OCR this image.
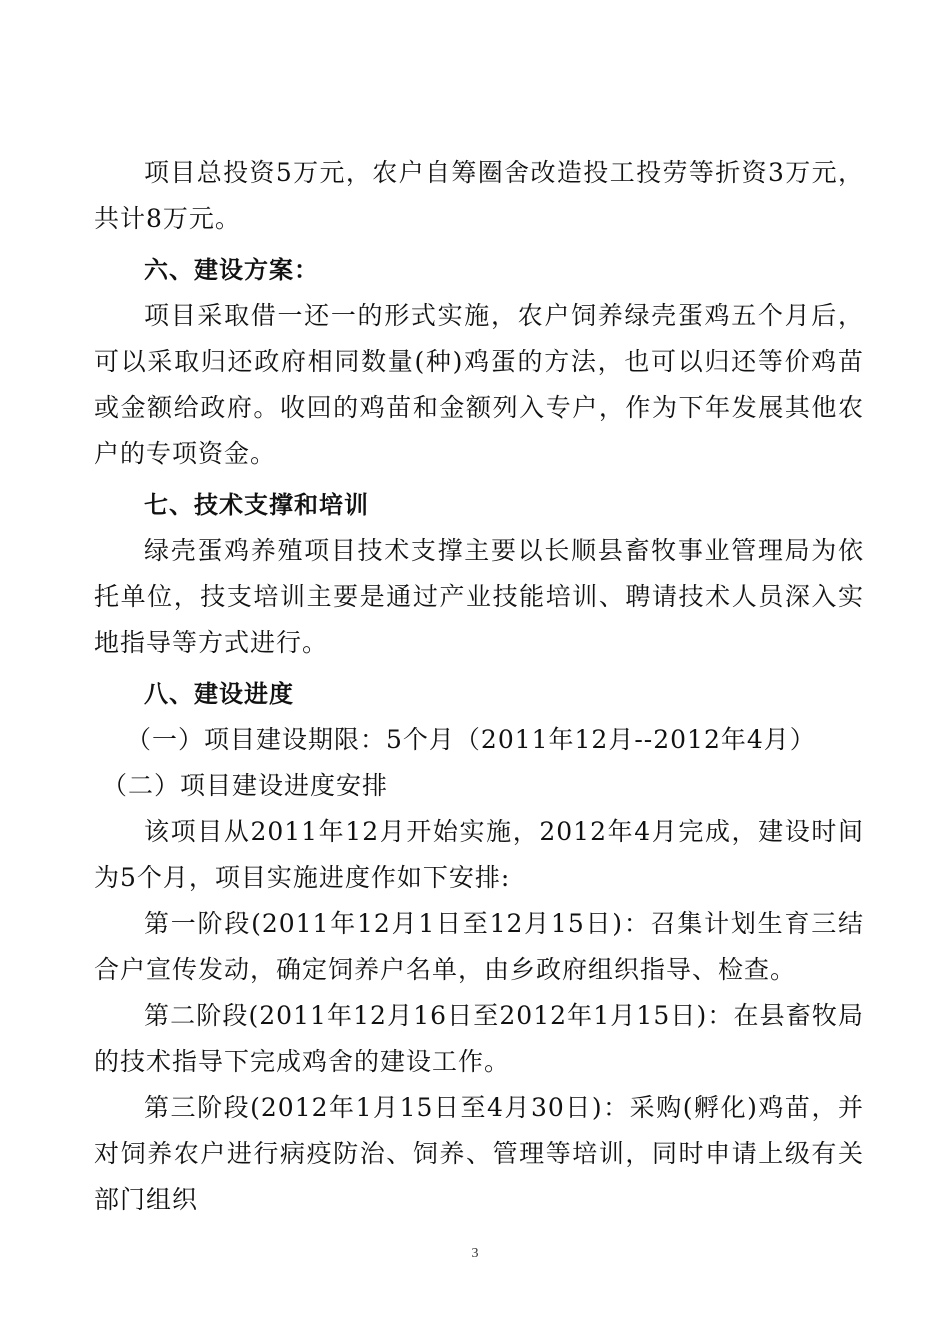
项目总投资5万元，农户自筹圈舍改造投工投劳等折资3万元，共计8万元。

六、建设方案：

项目采取借一还一的形式实施，农户饲养绿壳蛋鸡五个月后，可以采取归还政府相同数量(种)鸡蛋的方法，也可以归还等价鸡苗或金额给政府。收回的鸡苗和金额列入专户，作为下年发展其他农户的专项资金。

七、技术支撑和培训

绿壳蛋鸡养殖项目技术支撑主要以长顺县畜牧事业管理局为依托单位，技支培训主要是通过产业技能培训、聘请技术人员深入实地指导等方式进行。

八、建设进度

（一）项目建设期限：5个月（2011年12月--2012年4月）

（二）项目建设进度安排

该项目从2011年12月开始实施，2012年4月完成，建设时间为5个月，项目实施进度作如下安排:

第一阶段(2011年12月1日至12月15日)：召集计划生育三结合户宣传发动，确定饲养户名单，由乡政府组织指导、检查。

第二阶段(2011年12月16日至2012年1月15日)：在县畜牧局的技术指导下完成鸡舍的建设工作。

第三阶段(2012年1月15日至4月30日)：采购(孵化)鸡苗，并对饲养农户进行病疫防治、饲养、管理等培训，同时申请上级有关部门组织

3
